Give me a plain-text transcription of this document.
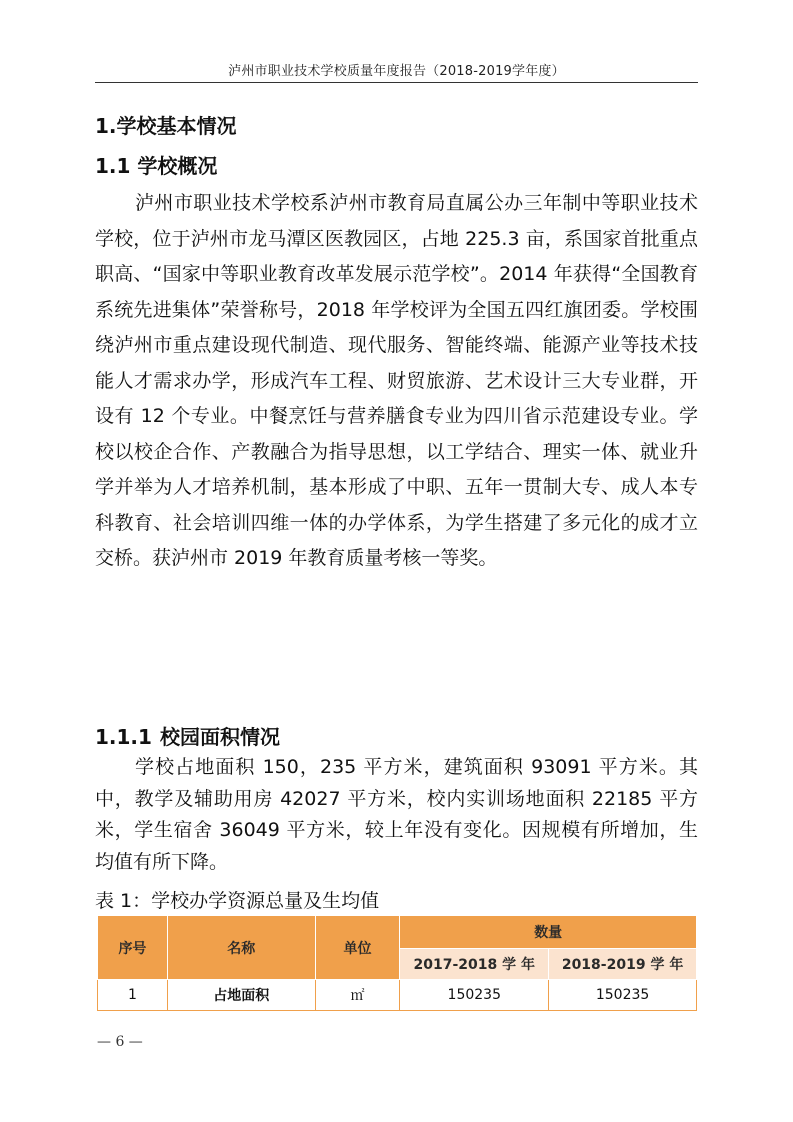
泸州市职业技术学校质量年度报告（2018-2019学年度）
1.学校基本情况
1.1 学校概况
泸州市职业技术学校系泸州市教育局直属公办三年制中等职业技术学校，位于泸州市龙马潭区医教园区，占地 225.3 亩，系国家首批重点职高、“国家中等职业教育改革发展示范学校”。2014 年获得“全国教育系统先进集体”荣誉称号，2018 年学校评为全国五四红旗团委。学校围绕泸州市重点建设现代制造、现代服务、智能终端、能源产业等技术技能人才需求办学，形成汽车工程、财贸旅游、艺术设计三大专业群，开设有 12 个专业。中餐烹饪与营养膳食专业为四川省示范建设专业。学校以校企合作、产教融合为指导思想，以工学结合、理实一体、就业升学并举为人才培养机制，基本形成了中职、五年一贯制大专、成人本专科教育、社会培训四维一体的办学体系，为学生搭建了多元化的成才立交桥。获泸州市 2019 年教育质量考核一等奖。
1.1.1 校园面积情况
学校占地面积 150，235 平方米，建筑面积 93091 平方米。其中，教学及辅助用房 42027 平方米，校内实训场地面积 22185 平方米，学生宿舍 36049 平方米，较上年没有变化。因规模有所增加，生均值有所下降。
表 1：学校办学资源总量及生均值
序号	名称	单位	数量	
			2017-2018 学 年	2018-2019 学 年
1	占地面积	㎡	150235	150235
— 6 —
